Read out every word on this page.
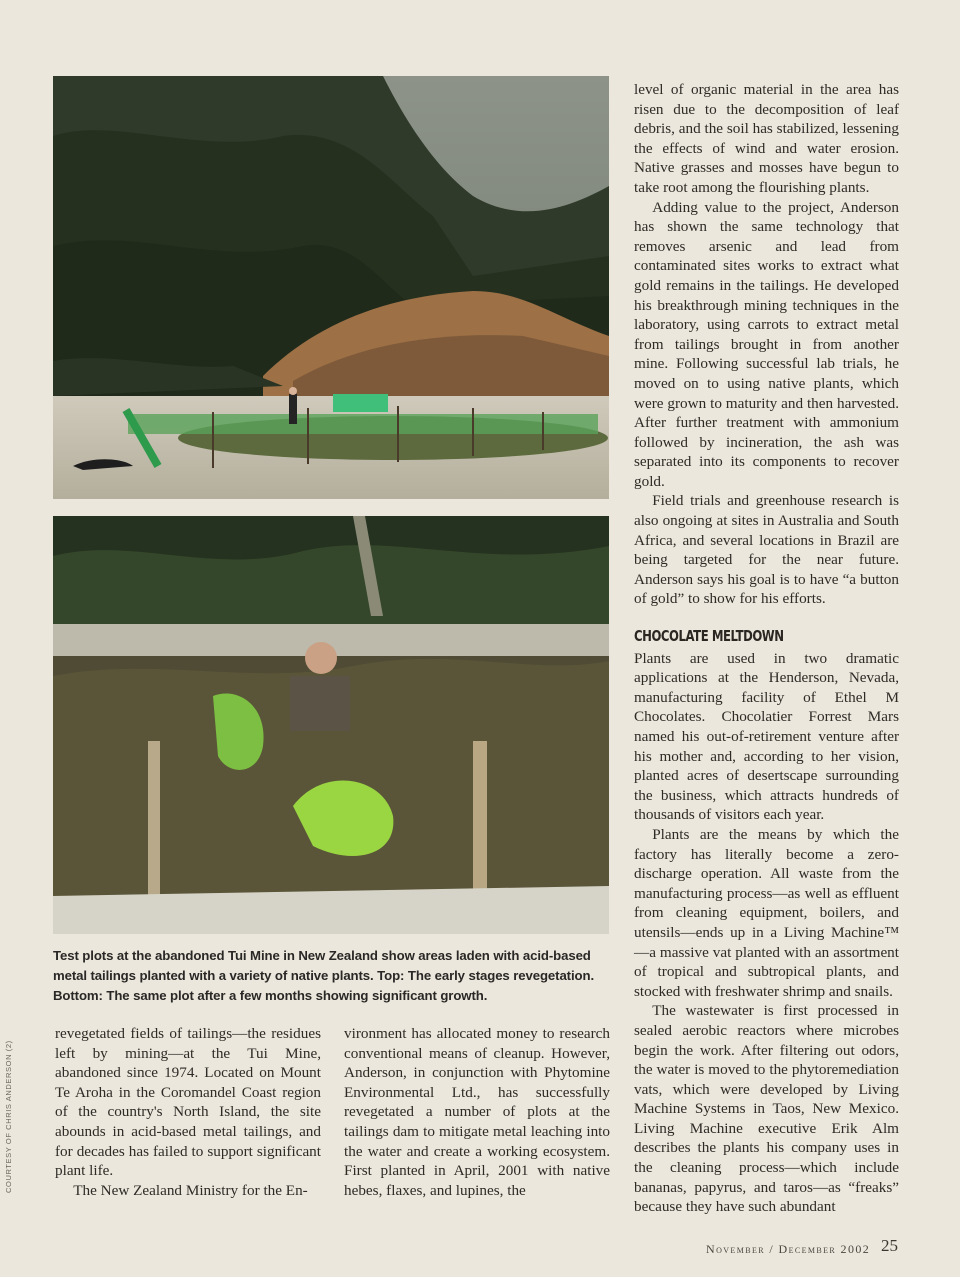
Test plots at the abandoned Tui Mine in New Zealand show areas laden with acid-based metal tailings planted with a variety of native plants. Top: The early stages revegetation. Bottom: The same plot after a few months showing significant growth.

revegetated fields of tailings—the residues left by mining—at the Tui Mine, abandoned since 1974. Located on Mount Te Aroha in the Coromandel Coast region of the country's North Island, the site abounds in acid-based metal tailings, and for decades has failed to support significant plant life.

The New Zealand Ministry for the En-

vironment has allocated money to research conventional means of cleanup. However, Anderson, in conjunction with Phytomine Environmental Ltd., has successfully revegetated a number of plots at the tailings dam to mitigate metal leaching into the water and create a working ecosystem. First planted in April, 2001 with native hebes, flaxes, and lupines, the

level of organic material in the area has risen due to the decomposition of leaf debris, and the soil has stabilized, lessening the effects of wind and water erosion. Native grasses and mosses have begun to take root among the flourishing plants.

Adding value to the project, Anderson has shown the same technology that removes arsenic and lead from contaminated sites works to extract what gold remains in the tailings. He developed his breakthrough mining techniques in the laboratory, using carrots to extract metal from tailings brought in from another mine. Following successful lab trials, he moved on to using native plants, which were grown to maturity and then harvested. After further treatment with ammonium followed by incineration, the ash was separated into its components to recover gold.

Field trials and greenhouse research is also ongoing at sites in Australia and South Africa, and several locations in Brazil are being targeted for the near future. Anderson says his goal is to have “a button of gold” to show for his efforts.

CHOCOLATE MELTDOWN

Plants are used in two dramatic applications at the Henderson, Nevada, manufacturing facility of Ethel M Chocolates. Chocolatier Forrest Mars named his out-of-retirement venture after his mother and, according to her vision, planted acres of desertscape surrounding the business, which attracts hundreds of thousands of visitors each year.

Plants are the means by which the factory has literally become a zero-discharge operation. All waste from the manufacturing process—as well as effluent from cleaning equipment, boilers, and utensils—ends up in a Living Machine™—a massive vat planted with an assortment of tropical and subtropical plants, and stocked with freshwater shrimp and snails.

The wastewater is first processed in sealed aerobic reactors where microbes begin the work. After filtering out odors, the water is moved to the phytoremediation vats, which were developed by Living Machine Systems in Taos, New Mexico. Living Machine executive Erik Alm describes the plants his company uses in the cleaning process—which include bananas, papyrus, and taros—as “freaks” because they have such abundant

COURTESY OF CHRIS ANDERSON (2)
November / December 2002 25
